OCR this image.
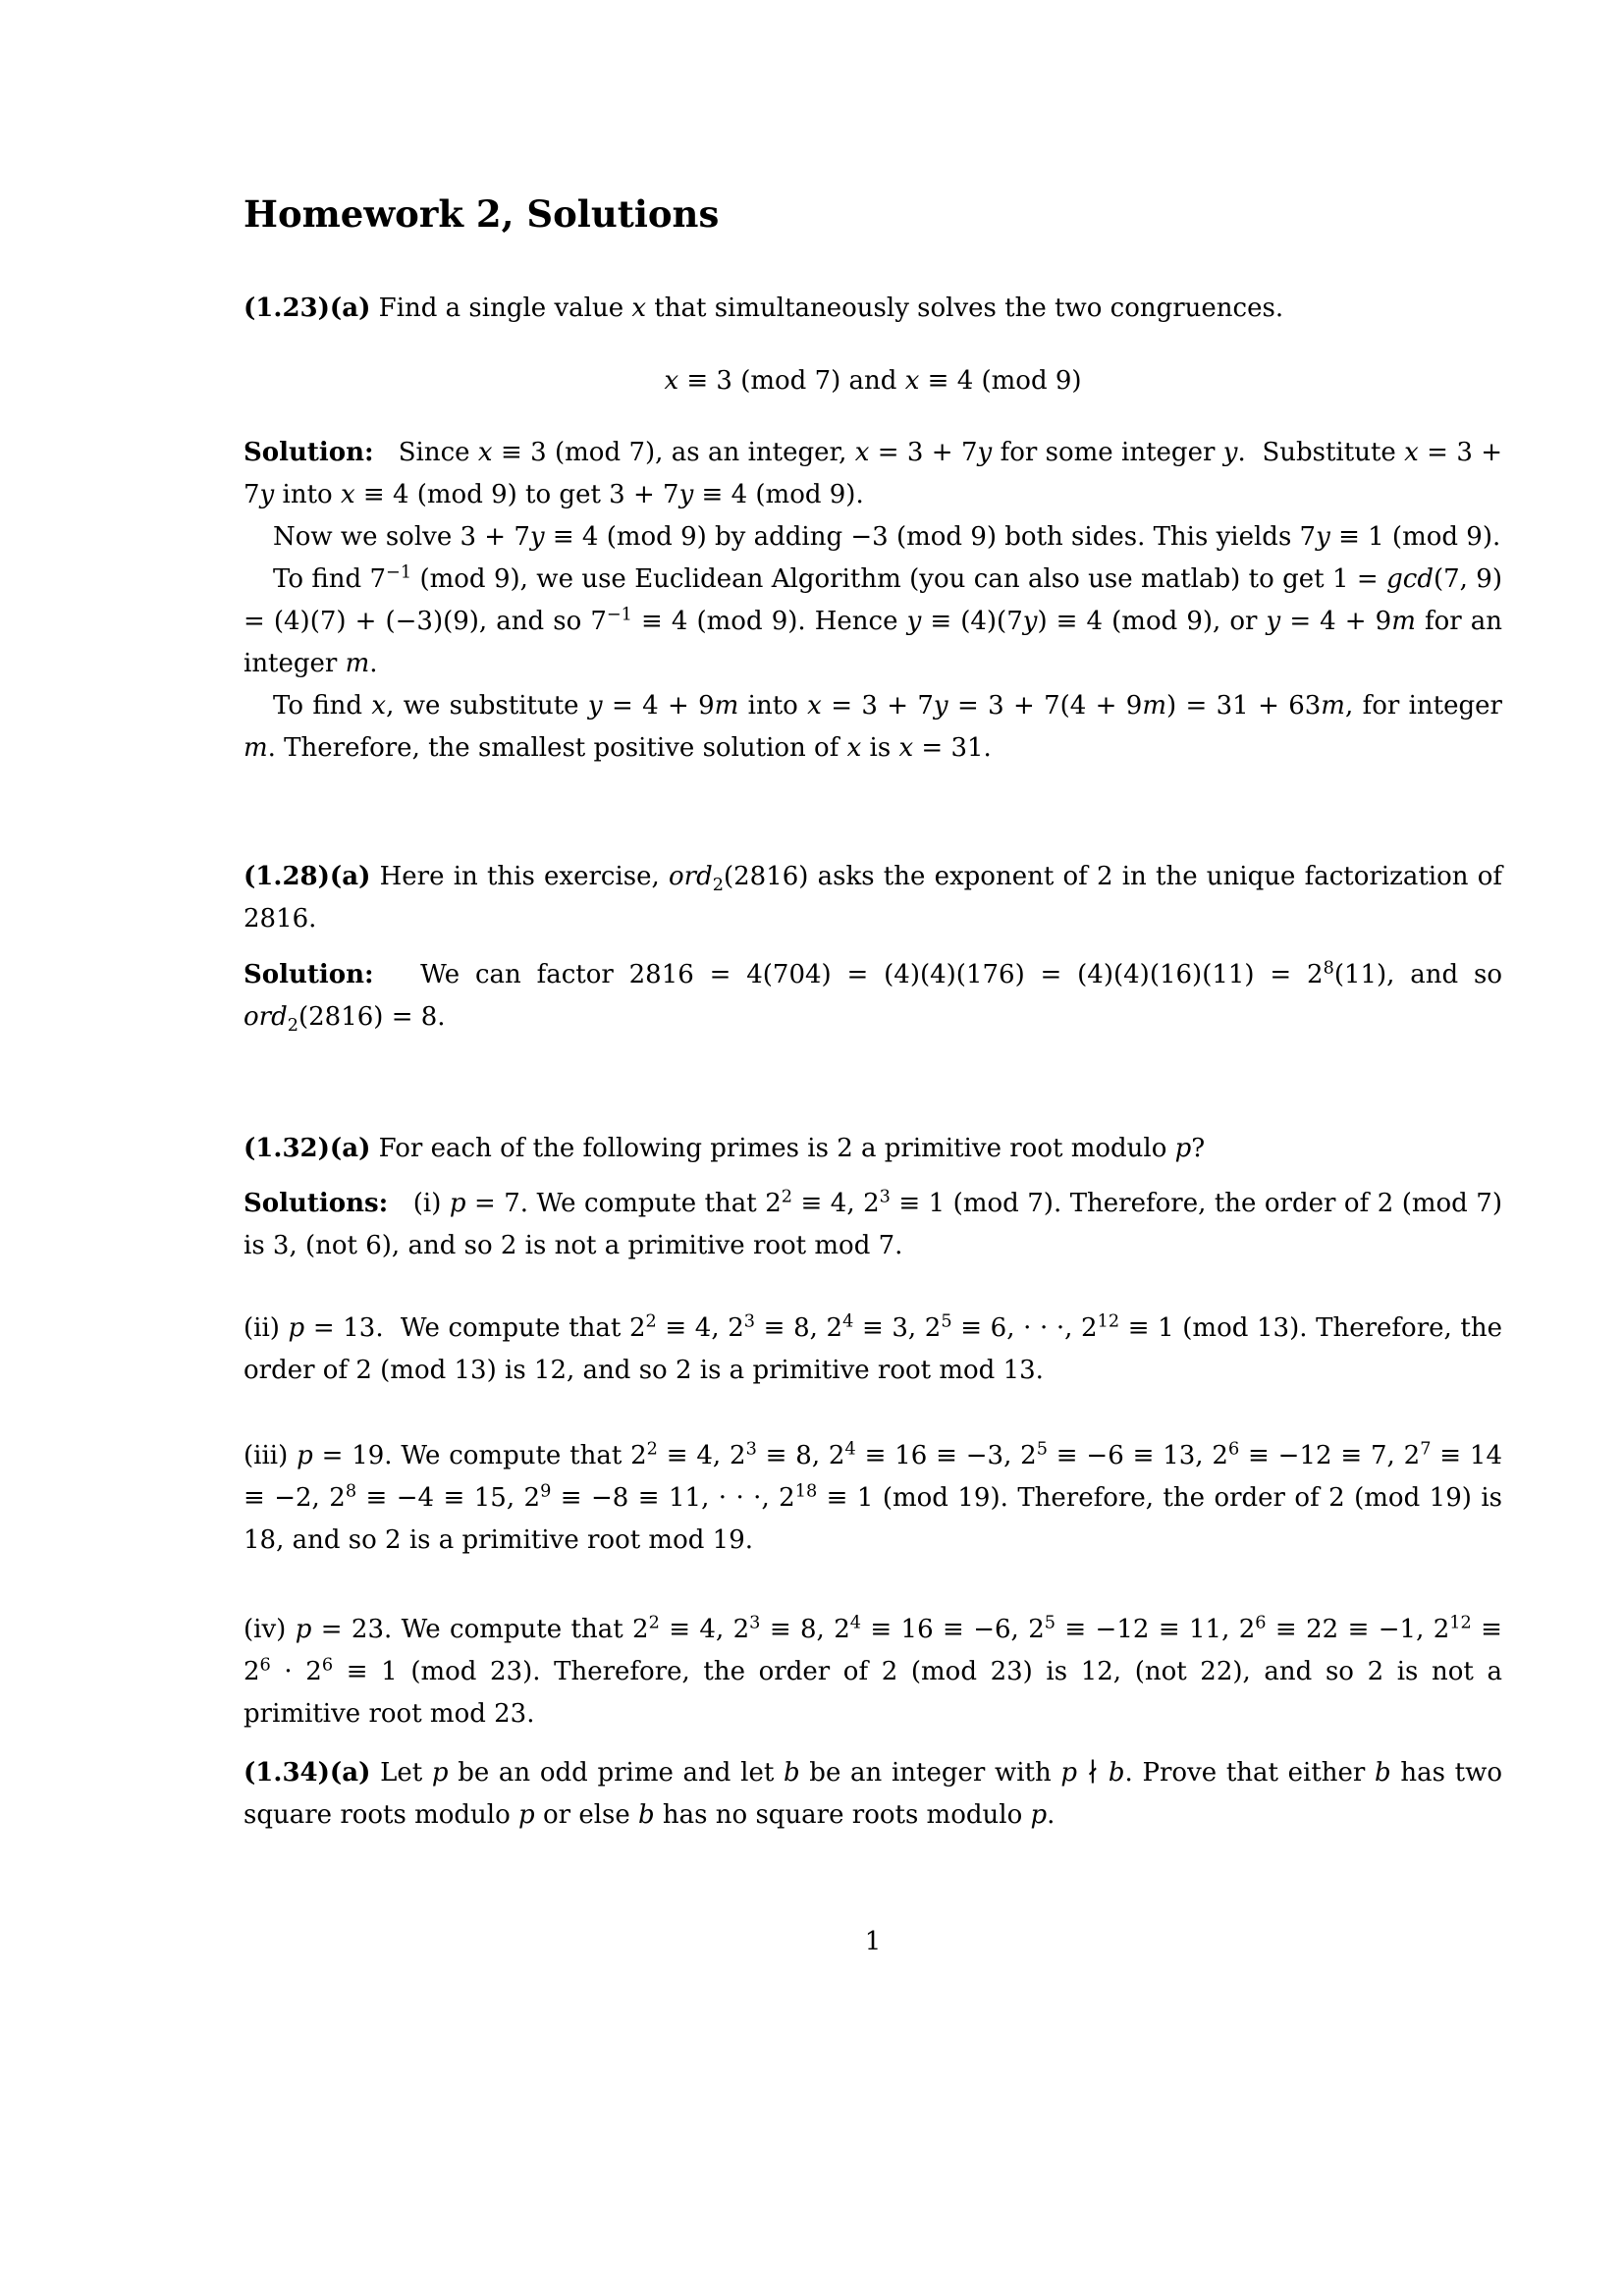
Homework 2, Solutions

(1.23)(a) Find a single value x that simultaneously solves the two congruences.

x ≡ 3 (mod 7) and x ≡ 4 (mod 9)

Solution:   Since x ≡ 3 (mod 7), as an integer, x = 3 + 7y for some integer y.  Substitute x = 3 + 7y into x ≡ 4 (mod 9) to get 3 + 7y ≡ 4 (mod 9).

Now we solve 3 + 7y ≡ 4 (mod 9) by adding −3 (mod 9) both sides. This yields 7y ≡ 1 (mod 9).

To find $7^{-1}$ (mod 9), we use Euclidean Algorithm (you can also use matlab) to get 1 = gcd(7, 9) = (4)(7) + (−3)(9), and so $7^{-1} \equiv 4$ (mod 9). Hence y ≡ (4)(7y) ≡ 4 (mod 9), or y = 4 + 9m for an integer m.

To find x, we substitute y = 4 + 9m into x = 3 + 7y = 3 + 7(4 + 9m) = 31 + 63m, for integer m. Therefore, the smallest positive solution of x is x = 31.

(1.28)(a) Here in this exercise, ord$_2$(2816) asks the exponent of 2 in the unique factorization of 2816.

Solution:   We can factor $2816 = 4(704) = (4)(4)(176) = (4)(4)(16)(11) = 2^8(11)$, and so ord$_2$(2816) = 8.

(1.32)(a) For each of the following primes is 2 a primitive root modulo p?

Solutions:   (i) p = 7. We compute that $2^2 \equiv 4$, $2^3 \equiv 1$ (mod 7). Therefore, the order of 2 (mod 7) is 3, (not 6), and so 2 is not a primitive root mod 7.

(ii) p = 13.  We compute that $2^2 \equiv 4$, $2^3 \equiv 8$, $2^4 \equiv 3$, $2^5 \equiv 6$, · · ·, $2^{12} \equiv 1$ (mod 13). Therefore, the order of 2 (mod 13) is 12, and so 2 is a primitive root mod 13.

(iii) p = 19. We compute that $2^2 \equiv 4$, $2^3 \equiv 8$, $2^4 \equiv 16 \equiv -3$, $2^5 \equiv -6 \equiv 13$, $2^6 \equiv -12 \equiv 7$, $2^7 \equiv 14 \equiv -2$, $2^8 \equiv -4 \equiv 15$, $2^9 \equiv -8 \equiv 11$, · · ·, $2^{18} \equiv 1$ (mod 19). Therefore, the order of 2 (mod 19) is 18, and so 2 is a primitive root mod 19.

(iv) p = 23. We compute that $2^2 \equiv 4$, $2^3 \equiv 8$, $2^4 \equiv 16 \equiv -6$, $2^5 \equiv -12 \equiv 11$, $2^6 \equiv 22 \equiv -1$, $2^{12} \equiv 2^6 \cdot 2^6 \equiv 1$ (mod 23). Therefore, the order of 2 (mod 23) is 12, (not 22), and so 2 is not a primitive root mod 23.

(1.34)(a) Let p be an odd prime and let b be an integer with p ∤ b. Prove that either b has two square roots modulo p or else b has no square roots modulo p.

1
